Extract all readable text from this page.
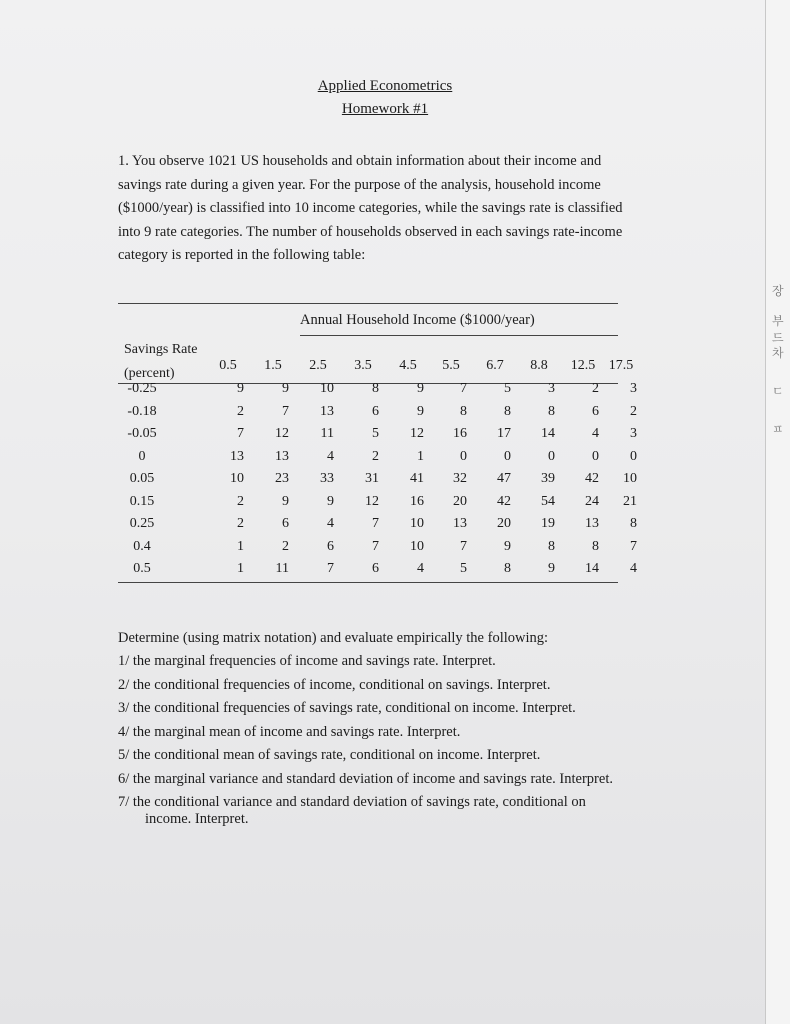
Applied Econometrics
Homework #1
1. You observe 1021 US households and obtain information about their income and savings rate during a given year. For the purpose of the analysis, household income ($1000/year) is classified into 10 income categories, while the savings rate is classified into 9 rate categories. The number of households observed in each savings rate-income category is reported in the following table:
Annual Household Income ($1000/year)
Savings Rate
(percent)
0.5	1.5	2.5	3.5	4.5	5.5	6.7	8.8	12.5 17.5
-0.25	9	9	10	8	9	7	5	3	2	3
-0.18	2	7	13	6	9	8	8	8	6	2
-0.05	7	12	11	5	12	16	17	14	4	3
0	13	13	4	2	1	0	0	0	0	0
0.05	10	23	33	31	41	32	47	39	42	10
0.15	2	9	9	12	16	20	42	54	24	21
0.25	2	6	4	7	10	13	20	19	13	8
0.4	1	2	6	7	10	7	9	8	8	7
0.5	1	11	7	6	4	5	8	9	14	4
Determine (using matrix notation) and evaluate empirically the following:
1/ the marginal frequencies of income and savings rate. Interpret.
2/ the conditional frequencies of income, conditional on savings. Interpret.
3/ the conditional frequencies of savings rate, conditional on income. Interpret.
4/ the marginal mean of income and savings rate. Interpret.
5/ the conditional mean of savings rate, conditional on income. Interpret.
6/ the marginal variance and standard deviation of income and savings rate. Interpret.
7/ the conditional variance and standard deviation of savings rate, conditional on
income. Interpret.
장
부드
차
ㄷ
ㅍ
